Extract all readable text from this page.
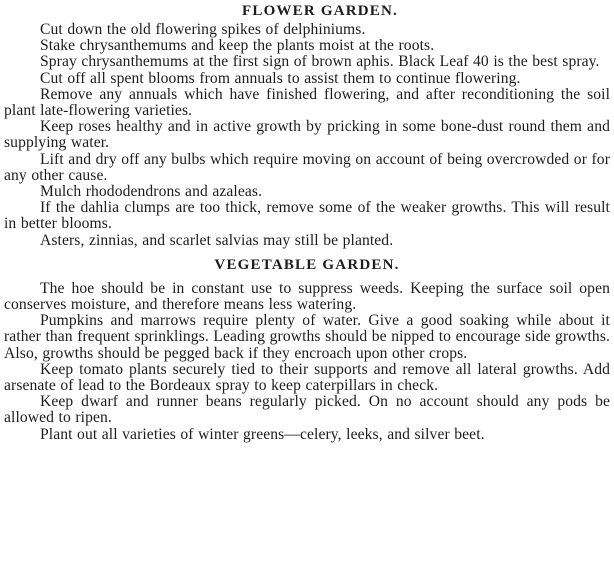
FLOWER GARDEN.

Cut down the old flowering spikes of delphiniums.

Stake chrysanthemums and keep the plants moist at the roots.

Spray chrysanthemums at the first sign of brown aphis. Black Leaf 40 is the best spray.

Cut off all spent blooms from annuals to assist them to continue flowering.

Remove any annuals which have finished flowering, and after reconditioning the soil plant late-flowering varieties.

Keep roses healthy and in active growth by pricking in some bone-dust round them and supplying water.

Lift and dry off any bulbs which require moving on account of being overcrowded or for any other cause.

Mulch rhododendrons and azaleas.

If the dahlia clumps are too thick, remove some of the weaker growths. This will result in better blooms.

Asters, zinnias, and scarlet salvias may still be planted.

VEGETABLE GARDEN.

The hoe should be in constant use to suppress weeds. Keeping the surface soil open conserves moisture, and therefore means less watering.

Pumpkins and marrows require plenty of water. Give a good soaking while about it rather than frequent sprinklings. Leading growths should be nipped to encourage side growths. Also, growths should be pegged back if they encroach upon other crops.

Keep tomato plants securely tied to their supports and remove all lateral growths. Add arsenate of lead to the Bordeaux spray to keep caterpillars in check.

Keep dwarf and runner beans regularly picked. On no account should any pods be allowed to ripen.

Plant out all varieties of winter greens—celery, leeks, and silver beet.
